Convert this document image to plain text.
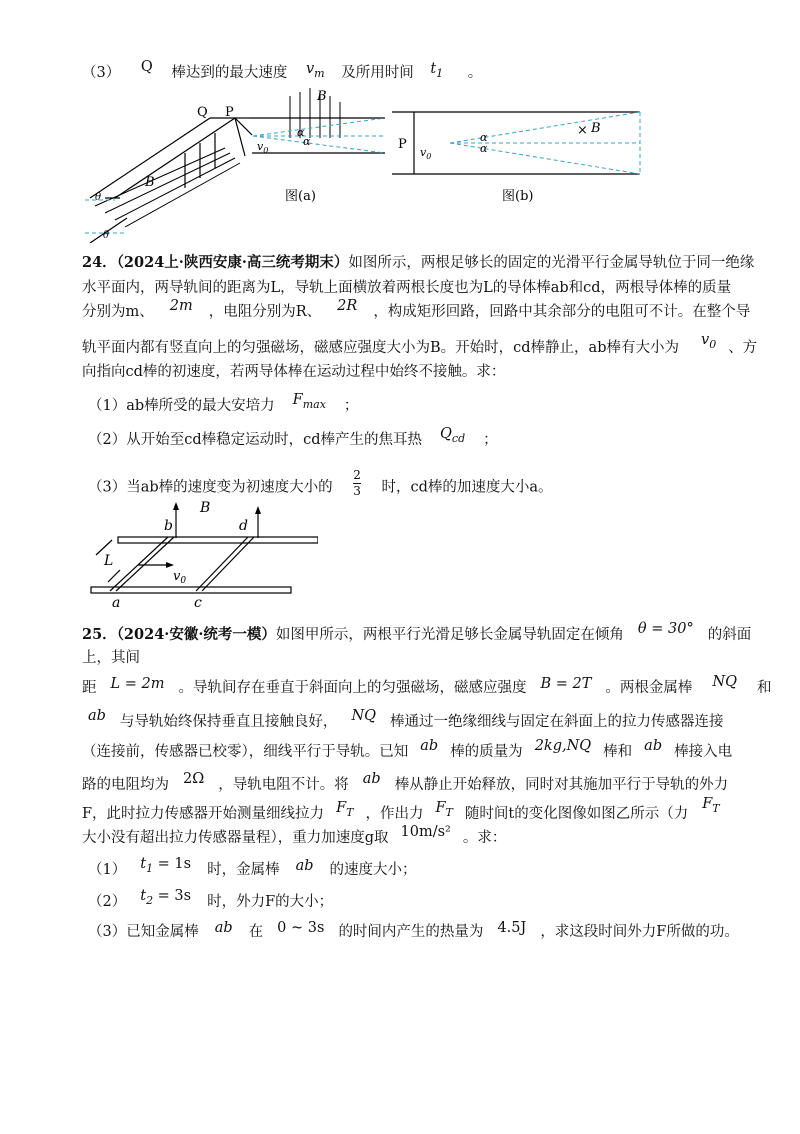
（3） Q 棒达到的最大速度 $v_m$ 及所用时间 $t_1$ 。
Q P
B
B
$v_0$
α
α
θ
θ
图(a)
P
$v_0$
α
α
× B
图(b)
24．（2024上·陕西安康·高三统考期末）如图所示，两根足够长的固定的光滑平行金属导轨位于同一绝缘
水平面内，两导轨间的距离为L，导轨上面横放着两根长度也为L的导体棒ab和cd，两根导体棒的质量
分别为m、 2m ，电阻分别为R、 2R ，构成矩形回路，回路中其余部分的电阻可不计。在整个导
轨平面内都有竖直向上的匀强磁场，磁感应强度大小为B。开始时，cd棒静止，ab棒有大小为 $v_0$ 、方
向指向cd棒的初速度，若两导体棒在运动过程中始终不接触。求：
（1）ab棒所受的最大安培力 $F_{max}$ ；
（2）从开始至cd棒稳定运动时，cd棒产生的焦耳热 $Q_{cd}$ ；
（3）当ab棒的速度变为初速度大小的 $\frac{2}{3}$ 时，cd棒的加速度大小a。
B
b	d
L
$v_0$
a	c
25．（2024·安徽·统考一模）如图甲所示，两根平行光滑足够长金属导轨固定在倾角 θ = 30° 的斜面
上，其间
距 L = 2m 。导轨间存在垂直于斜面向上的匀强磁场，磁感应强度 B = 2T 。两根金属棒 NQ 和
ab 与导轨始终保持垂直且接触良好， NQ 棒通过一绝缘细线与固定在斜面上的拉力传感器连接
（连接前，传感器已校零），细线平行于导轨。已知 ab 棒的质量为 2kg,NQ 棒和 ab 棒接入电
路的电阻均为 2Ω ，导轨电阻不计。将 ab 棒从静止开始释放，同时对其施加平行于导轨的外力
F，此时拉力传感器开始测量细线拉力 $F_T$ ，作出力 $F_T$ 随时间t的变化图像如图乙所示（力$F_T$
大小没有超出拉力传感器量程），重力加速度g取 10m/s² 。求：
（1） $t_1 = 1s$ 时，金属棒 ab 的速度大小；
（2） $t_2 = 3s$ 时，外力F的大小；
（3）已知金属棒 ab 在 0 ~ 3s 的时间内产生的热量为 4.5J ，求这段时间外力F所做的功。
